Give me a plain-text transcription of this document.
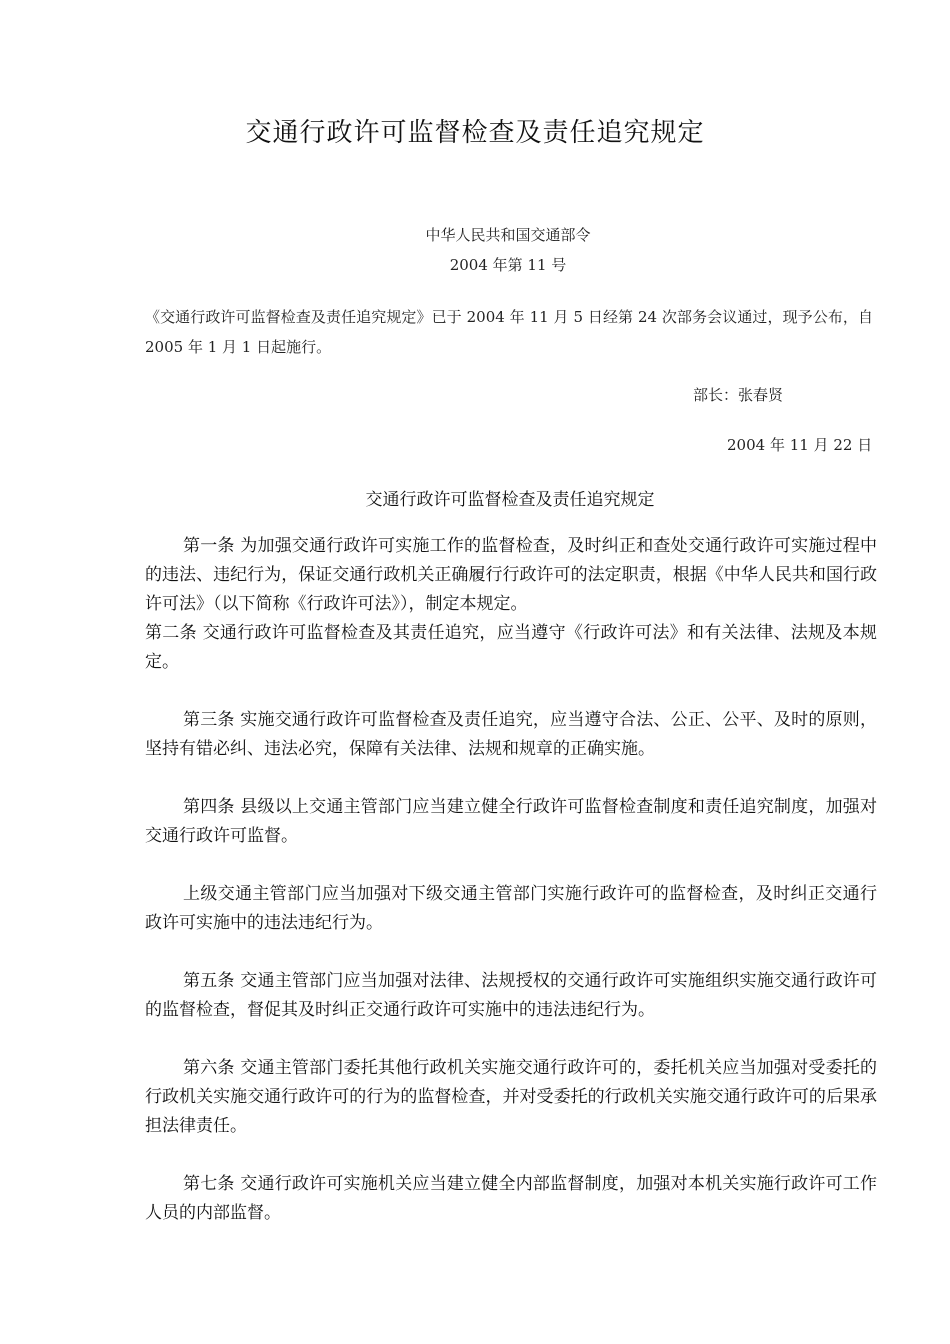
交通行政许可监督检查及责任追究规定
中华人民共和国交通部令
2004 年第 11 号
《交通行政许可监督检查及责任追究规定》已于 2004 年 11 月 5 日经第 24 次部务会议通过，现予公布，自 2005 年 1 月 1 日起施行。
部长：张春贤
2004 年 11 月 22 日
交通行政许可监督检查及责任追究规定

第一条 为加强交通行政许可实施工作的监督检查，及时纠正和查处交通行政许可实施过程中的违法、违纪行为，保证交通行政机关正确履行行政许可的法定职责，根据《中华人民共和国行政许可法》（以下简称《行政许可法》），制定本规定。

第二条 交通行政许可监督检查及其责任追究，应当遵守《行政许可法》和有关法律、法规及本规定。

第三条 实施交通行政许可监督检查及责任追究，应当遵守合法、公正、公平、及时的原则，坚持有错必纠、违法必究，保障有关法律、法规和规章的正确实施。

第四条 县级以上交通主管部门应当建立健全行政许可监督检查制度和责任追究制度，加强对交通行政许可监督。

上级交通主管部门应当加强对下级交通主管部门实施行政许可的监督检查，及时纠正交通行政许可实施中的违法违纪行为。

第五条 交通主管部门应当加强对法律、法规授权的交通行政许可实施组织实施交通行政许可的监督检查，督促其及时纠正交通行政许可实施中的违法违纪行为。

第六条 交通主管部门委托其他行政机关实施交通行政许可的，委托机关应当加强对受委托的行政机关实施交通行政许可的行为的监督检查，并对受委托的行政机关实施交通行政许可的后果承担法律责任。

第七条 交通行政许可实施机关应当建立健全内部监督制度，加强对本机关实施行政许可工作人员的内部监督。
